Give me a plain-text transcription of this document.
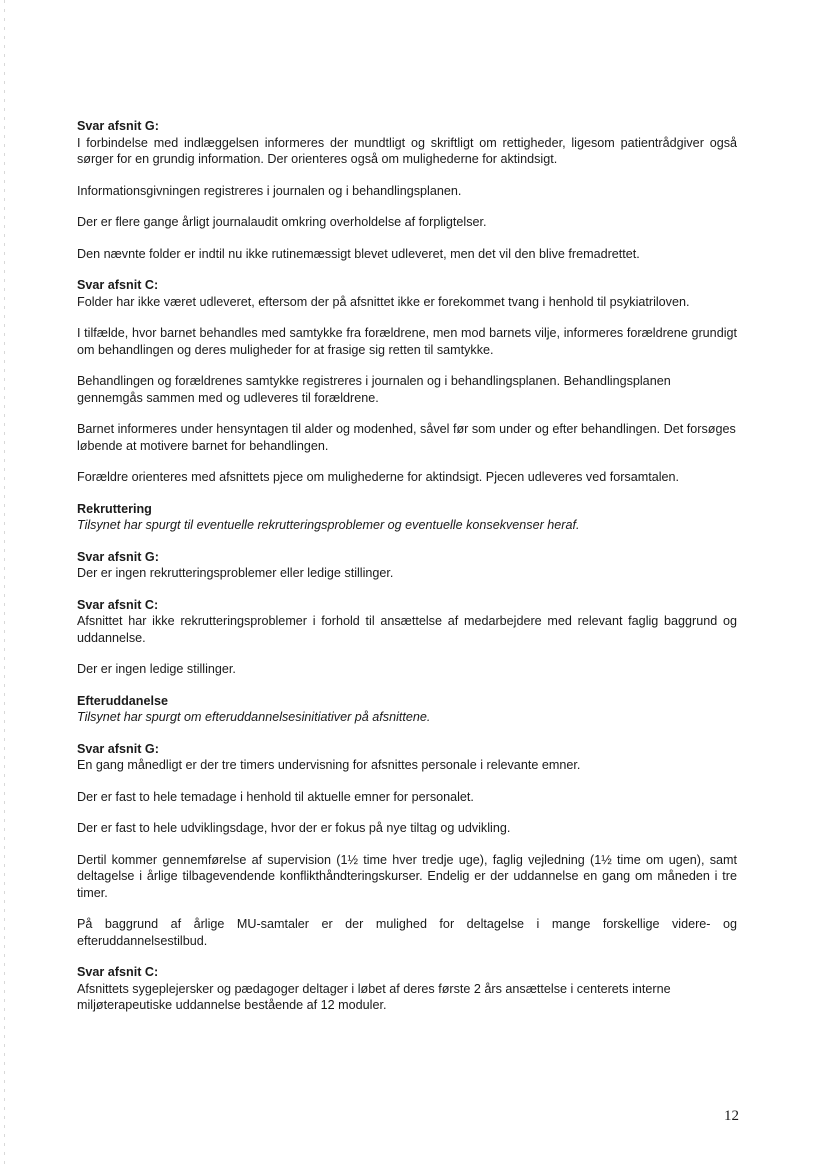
Svar afsnit G:

I forbindelse med indlæggelsen informeres der mundtligt og skriftligt om rettigheder, ligesom patientrådgiver også sørger for en grundig information. Der orienteres også om mulighederne for aktindsigt.

Informationsgivningen registreres i journalen og i behandlingsplanen.

Der er flere gange årligt journalaudit omkring overholdelse af forpligtelser.

Den nævnte folder er indtil nu ikke rutinemæssigt blevet udleveret, men det vil den blive fremadrettet.

Svar afsnit C:

Folder har ikke været udleveret, eftersom der på afsnittet ikke er forekommet tvang i henhold til psykiatriloven.

I tilfælde, hvor barnet behandles med samtykke fra forældrene, men mod barnets vilje, informeres forældrene grundigt om behandlingen og deres muligheder for at frasige sig retten til samtykke.

Behandlingen og forældrenes samtykke registreres i journalen og i behandlingsplanen. Behandlingsplanen gennemgås sammen med og udleveres til forældrene.

Barnet informeres under hensyntagen til alder og modenhed, såvel før som under og efter behandlingen. Det forsøges løbende at motivere barnet for behandlingen.

Forældre orienteres med afsnittets pjece om mulighederne for aktindsigt. Pjecen udleveres ved forsamtalen.

Rekruttering
Tilsynet har spurgt til eventuelle rekrutteringsproblemer og eventuelle konsekvenser heraf.
Svar afsnit G:

Der er ingen rekrutteringsproblemer eller ledige stillinger.

Svar afsnit C:

Afsnittet har ikke rekrutteringsproblemer i forhold til ansættelse af medarbejdere med relevant faglig baggrund og uddannelse.

Der er ingen ledige stillinger.

Efteruddanelse
Tilsynet har spurgt om efteruddannelsesinitiativer på afsnittene.
Svar afsnit G:

En gang månedligt er der tre timers undervisning for afsnittes personale i relevante emner.

Der er fast to hele temadage i henhold til aktuelle emner for personalet.

Der er fast to hele udviklingsdage, hvor der er fokus på nye tiltag og udvikling.

Dertil kommer gennemførelse af supervision (1½ time hver tredje uge), faglig vejledning (1½ time om ugen), samt deltagelse i årlige tilbagevendende konflikthåndteringskurser. Endelig er der uddannelse en gang om måneden i tre timer.

På baggrund af årlige MU-samtaler er der mulighed for deltagelse i mange forskellige videre- og efteruddannelsestilbud.

Svar afsnit C:

Afsnittets sygeplejersker og pædagoger deltager i løbet af deres første 2 års ansættelse i centerets interne miljøterapeutiske uddannelse bestående af 12 moduler.

12
